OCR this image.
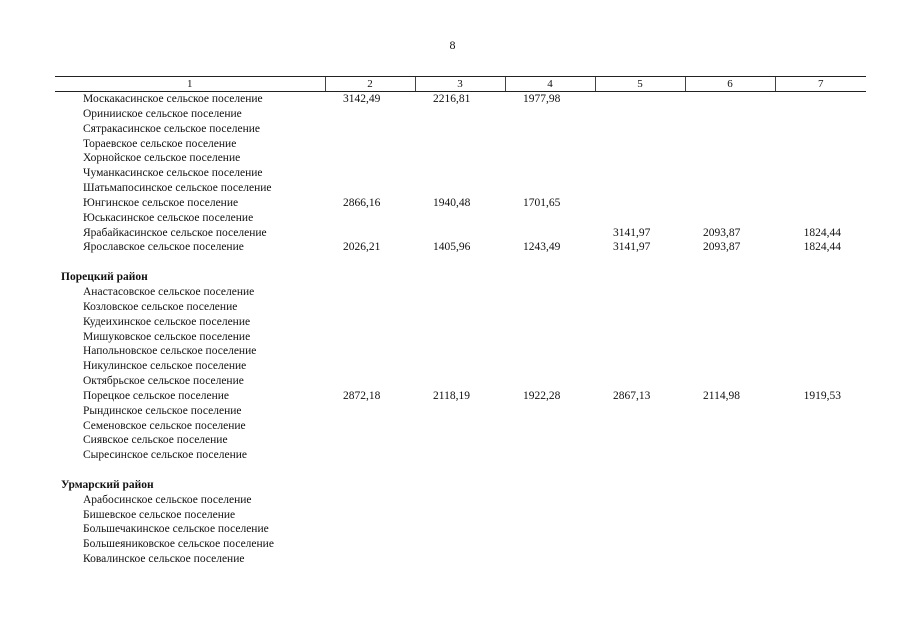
8
1	2	3	4	5	6	7
Москакасинское сельское поселение	3142,49	2216,81	1977,98			
Оринииское сельское поселение						
Сятракасинское сельское поселение						
Тораевское сельское поселение						
Хорнойское сельское поселение						
Чуманкасинское сельское поселение						
Шатьмапосинское сельское поселение						
Юнгинское сельское поселение	2866,16	1940,48	1701,65			
Юськасинское сельское поселение						
Ярабайкасинское сельское поселение				3141,97	2093,87	1824,44
Ярославское сельское поселение	2026,21	1405,96	1243,49	3141,97	2093,87	1824,44

Порецкий район						
Анастасовское сельское поселение						
Козловское сельское поселение						
Кудеихинское сельское поселение						
Мишуковское сельское поселение						
Напольновское сельское поселение						
Никулинское сельское поселение						
Октябрьское сельское поселение						
Порецкое сельское поселение	2872,18	2118,19	1922,28	2867,13	2114,98	1919,53
Рындинское сельское поселение						
Семеновское сельское поселение						
Сиявское сельское поселение						
Сыресинское сельское поселение						

Урмарский район						
Арабосинское сельское поселение						
Бишевское сельское поселение						
Большечакинское сельское поселение						
Большеяниковское сельское поселение						
Ковалинское сельское поселение						
